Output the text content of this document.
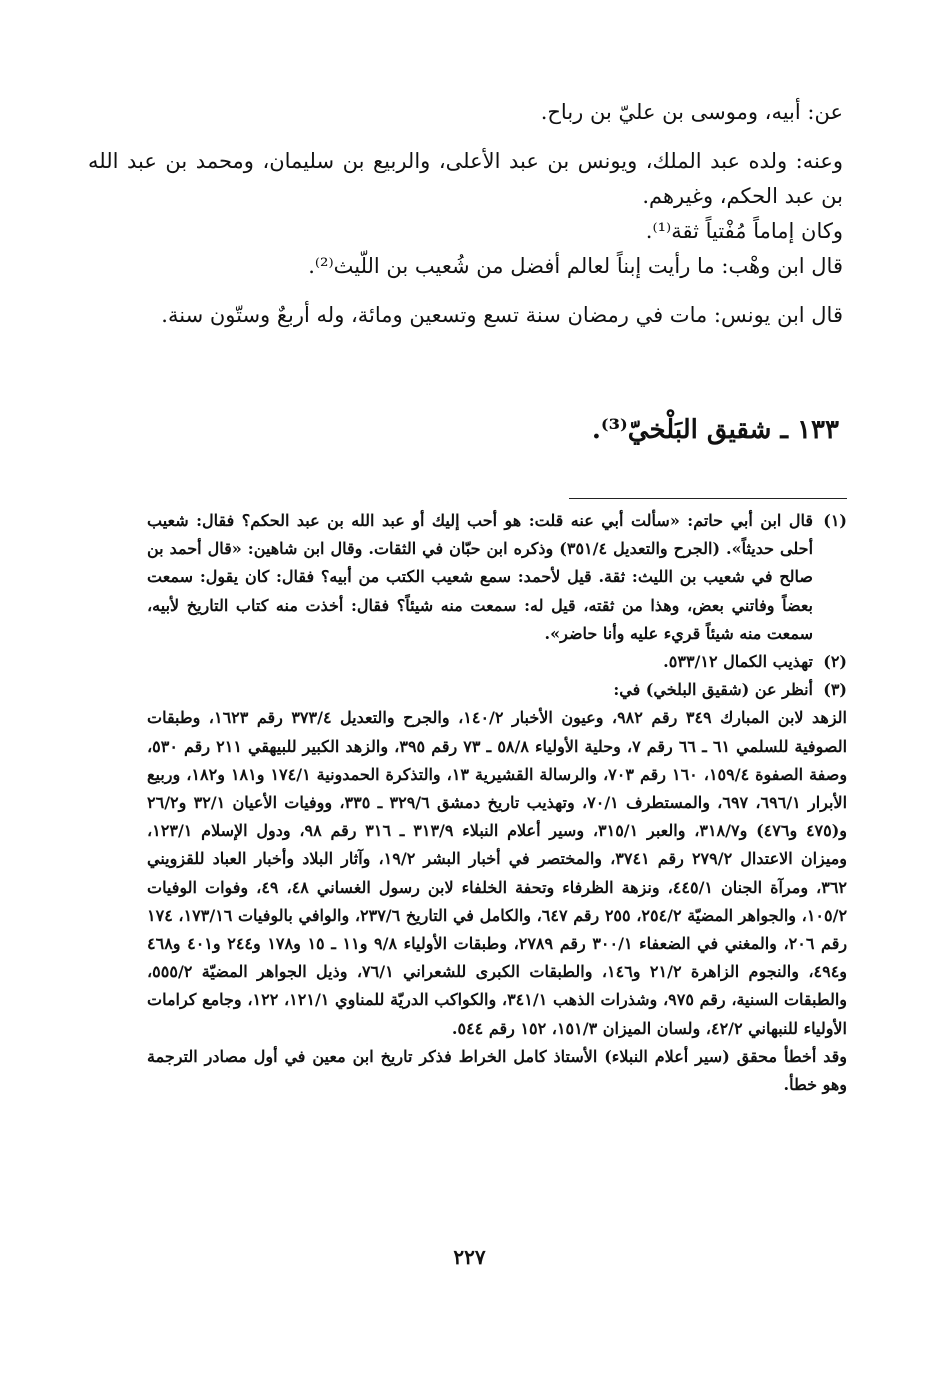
عن: أبيه، وموسى بن عليّ بن رباح.

وعنه: ولده عبد الملك، ويونس بن عبد الأعلى، والربيع بن سليمان، ومحمد بن عبد الله بن عبد الحكم، وغيرهم.

وكان إماماً مُفْتياً ثقة⁽¹⁾.

قال ابن وهْب: ما رأيت إبناً لعالم أفضل من شُعيب بن اللّيث⁽²⁾.

قال ابن يونس: مات في رمضان سنة تسع وتسعين ومائة، وله أربعٌ وستّون سنة.

١٣٣ ـ شقيق البَلْخيّ⁽³⁾.
(١)

قال ابن أبي حاتم: «سألت أبي عنه قلت: هو أحب إليك أو عبد الله بن عبد الحكم؟ فقال: شعيب أحلى حديثاً». (الجرح والتعديل ٣٥١/٤) وذكره ابن حبّان في الثقات. وقال ابن شاهين: «قال أحمد بن صالح في شعيب بن الليث: ثقة. قيل لأحمد: سمع شعيب الكتب من أبيه؟ فقال: كان يقول: سمعت بعضاً وفاتني بعض، وهذا من ثقته، قيل له: سمعت منه شيئاً؟ فقال: أخذت منه كتاب التاريخ لأبيه، سمعت منه شيئاً قريء عليه وأنا حاضر».

(٢)

تهذيب الكمال ٥٣٣/١٢.

(٣)

أنظر عن (شقيق البلخي) في:

الزهد لابن المبارك ٣٤٩ رقم ٩٨٢، وعيون الأخبار ١٤٠/٢، والجرح والتعديل ٣٧٣/٤ رقم ١٦٢٣، وطبقات الصوفية للسلمي ٦١ ـ ٦٦ رقم ٧، وحلية الأولياء ٥٨/٨ ـ ٧٣ رقم ٣٩٥، والزهد الكبير للبيهقي ٢١١ رقم ٥٣٠، وصفة الصفوة ١٥٩/٤، ١٦٠ رقم ٧٠٣، والرسالة القشيرية ١٣، والتذكرة الحمدونية ١٧٤/١ و١٨١ و١٨٢، وربيع الأبرار ٦٩٦/١، ٦٩٧، والمستطرف ٧٠/١، وتهذيب تاريخ دمشق ٣٢٩/٦ ـ ٣٣٥، ووفيات الأعيان ٣٢/١ و٢٦/٢ و(٤٧٥ و٤٧٦) و٣١٨/٧، والعبر ٣١٥/١، وسير أعلام النبلاء ٣١٣/٩ ـ ٣١٦ رقم ٩٨، ودول الإسلام ١٢٣/١، وميزان الاعتدال ٢٧٩/٢ رقم ٣٧٤١، والمختصر في أخبار البشر ١٩/٢، وآثار البلاد وأخبار العباد للقزويني ٣٦٢، ومرآة الجنان ٤٤٥/١، ونزهة الظرفاء وتحفة الخلفاء لابن رسول الغساني ٤٨، ٤٩، وفوات الوفيات ١٠٥/٢، والجواهر المضيّة ٢٥٤/٢، ٢٥٥ رقم ٦٤٧، والكامل في التاريخ ٢٣٧/٦، والوافي بالوفيات ١٧٣/١٦، ١٧٤ رقم ٢٠٦، والمغني في الضعفاء ٣٠٠/١ رقم ٢٧٨٩، وطبقات الأولياء ٩/٨ و١١ ـ ١٥ و١٧٨ و٢٤٤ و٤٠١ و٤٦٨ و٤٩٤، والنجوم الزاهرة ٢١/٢ و١٤٦، والطبقات الكبرى للشعراني ٧٦/١، وذيل الجواهر المضيّة ٥٥٥/٢، والطبقات السنية، رقم ٩٧٥، وشذرات الذهب ٣٤١/١، والكواكب الدريّة للمناوي ١٢١/١، ١٢٢، وجامع كرامات الأولياء للنبهاني ٤٢/٢، ولسان الميزان ١٥١/٣، ١٥٢ رقم ٥٤٤.

وقد أخطأ محقق (سير أعلام النبلاء) الأستاذ كامل الخراط فذكر تاريخ ابن معين في أول مصادر الترجمة وهو خطأ.

٢٢٧
